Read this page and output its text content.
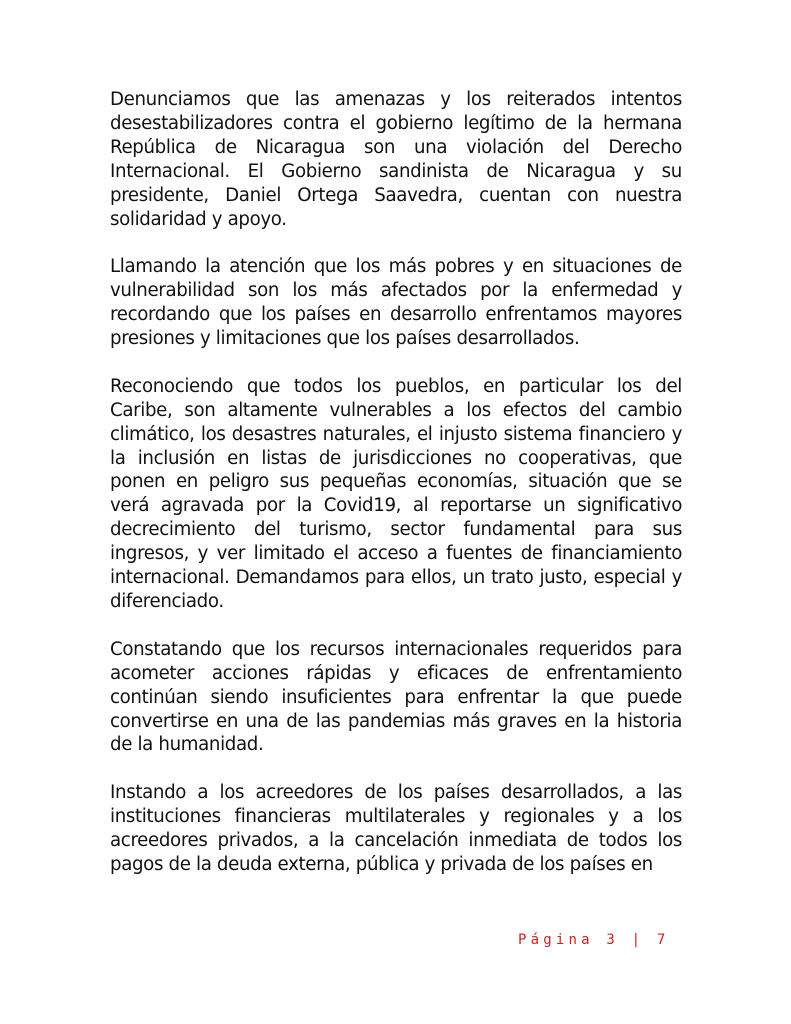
Denunciamos que las amenazas y los reiterados intentos desestabilizadores contra el gobierno legítimo de la hermana República de Nicaragua son una violación del Derecho Internacional. El Gobierno sandinista de Nicaragua y su presidente, Daniel Ortega Saavedra, cuentan con nuestra solidaridad y apoyo.

Llamando la atención que los más pobres y en situaciones de vulnerabilidad son los más afectados por la enfermedad y recordando que los países en desarrollo enfrentamos mayores presiones y limitaciones que los países desarrollados.

Reconociendo que todos los pueblos, en particular los del Caribe, son altamente vulnerables a los efectos del cambio climático, los desastres naturales, el injusto sistema financiero y la inclusión en listas de jurisdicciones no cooperativas, que ponen en peligro sus pequeñas economías, situación que se verá agravada por la Covid19, al reportarse un significativo decrecimiento del turismo, sector fundamental para sus ingresos, y ver limitado el acceso a fuentes de financiamiento internacional. Demandamos para ellos, un trato justo, especial y diferenciado.

Constatando que los recursos internacionales requeridos para acometer acciones rápidas y eficaces de enfrentamiento continúan siendo insuficientes para enfrentar la que puede convertirse en una de las pandemias más graves en la historia de la humanidad.

Instando a los acreedores de los países desarrollados, a las instituciones financieras multilaterales y regionales y a los acreedores privados, a la cancelación inmediata de todos los pagos de la deuda externa, pública y privada de los países en

Página 3 | 7
